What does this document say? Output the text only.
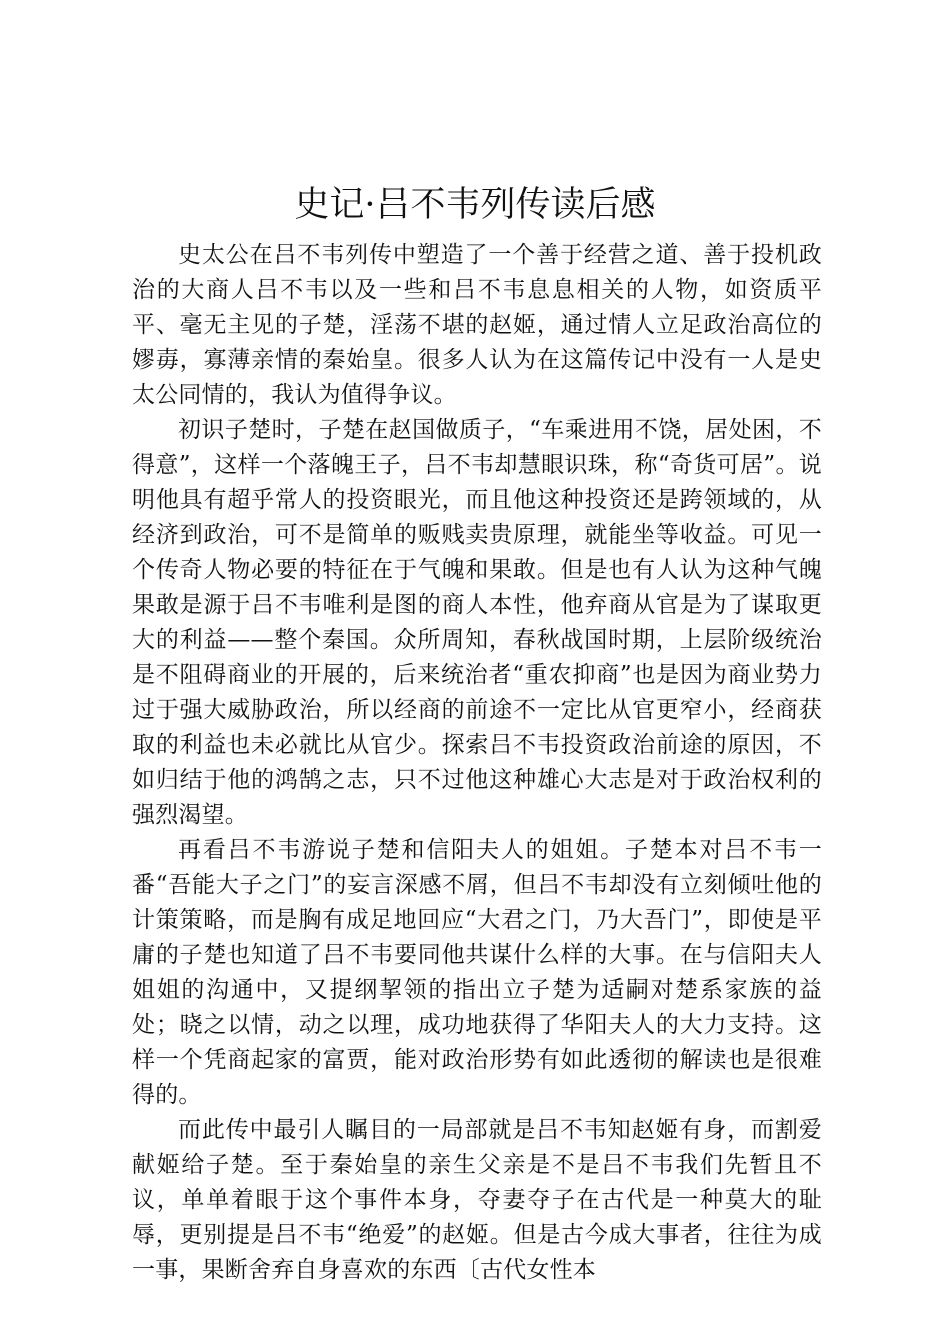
史记·吕不韦列传读后感

史太公在吕不韦列传中塑造了一个善于经营之道、善于投机政治的大商人吕不韦以及一些和吕不韦息息相关的人物，如资质平平、毫无主见的子楚，淫荡不堪的赵姬，通过情人立足政治高位的嫪毐，寡薄亲情的秦始皇。很多人认为在这篇传记中没有一人是史太公同情的，我认为值得争议。

初识子楚时，子楚在赵国做质子，“车乘进用不饶，居处困，不得意”，这样一个落魄王子，吕不韦却慧眼识珠，称“奇货可居”。说明他具有超乎常人的投资眼光，而且他这种投资还是跨领域的，从经济到政治，可不是简单的贩贱卖贵原理，就能坐等收益。可见一个传奇人物必要的特征在于气魄和果敢。但是也有人认为这种气魄果敢是源于吕不韦唯利是图的商人本性，他弃商从官是为了谋取更大的利益——整个秦国。众所周知，春秋战国时期，上层阶级统治是不阻碍商业的开展的，后来统治者“重农抑商”也是因为商业势力过于强大威胁政治，所以经商的前途不一定比从官更窄小，经商获取的利益也未必就比从官少。探索吕不韦投资政治前途的原因，不如归结于他的鸿鹄之志，只不过他这种雄心大志是对于政治权利的强烈渴望。

再看吕不韦游说子楚和信阳夫人的姐姐。子楚本对吕不韦一番“吾能大子之门”的妄言深感不屑，但吕不韦却没有立刻倾吐他的计策策略，而是胸有成足地回应“大君之门，乃大吾门”，即使是平庸的子楚也知道了吕不韦要同他共谋什么样的大事。在与信阳夫人姐姐的沟通中，又提纲挈领的指出立子楚为适嗣对楚系家族的益处；晓之以情，动之以理，成功地获得了华阳夫人的大力支持。这样一个凭商起家的富贾，能对政治形势有如此透彻的解读也是很难得的。

而此传中最引人瞩目的一局部就是吕不韦知赵姬有身，而割爱献姬给子楚。至于秦始皇的亲生父亲是不是吕不韦我们先暂且不议，单单着眼于这个事件本身，夺妻夺子在古代是一种莫大的耻辱，更别提是吕不韦“绝爱”的赵姬。但是古今成大事者，往往为成一事，果断舍弃自身喜欢的东西〔古代女性本
